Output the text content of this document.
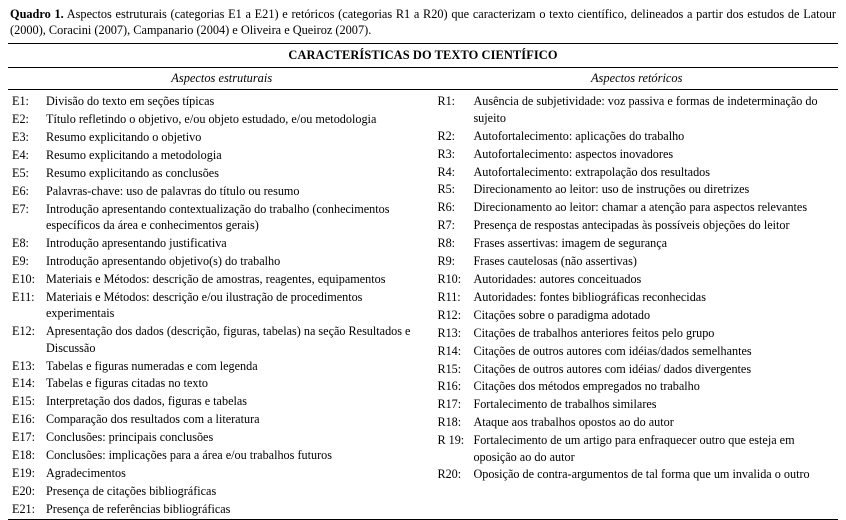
Quadro 1. Aspectos estruturais (categorias E1 a E21) e retóricos (categorias R1 a R20) que caracterizam o texto científico, delineados a partir dos estudos de Latour (2000), Coracini (2007), Campanario (2004) e Oliveira e Queiroz (2007).

CARACTERÍSTICAS DO TEXTO CIENTÍFICO
Aspectos estruturais	Aspectos retóricos
E1:	Divisão do texto em seções típicas
E2:	Título refletindo o objetivo, e/ou objeto estudado, e/ou metodologia
E3:	Resumo explicitando o objetivo
E4:	Resumo explicitando a metodologia
E5:	Resumo explicitando as conclusões
E6:	Palavras-chave: uso de palavras do título ou resumo
E7:	Introdução apresentando contextualização do trabalho (conhecimentos específicos da área e conhecimentos gerais)
E8:	Introdução apresentando justificativa
E9:	Introdução apresentando objetivo(s) do trabalho
E10: Materiais e Métodos: descrição de amostras, reagentes, equipamentos
E11: Materiais e Métodos: descrição e/ou ilustração de procedimentos experimentais
E12: Apresentação dos dados (descrição, figuras, tabelas) na seção Resultados e Discussão
E13: Tabelas e figuras numeradas e com legenda
E14: Tabelas e figuras citadas no texto
E15: Interpretação dos dados, figuras e tabelas
E16: Comparação dos resultados com a literatura
E17: Conclusões: principais conclusões
E18: Conclusões: implicações para a área e/ou trabalhos futuros
E19: Agradecimentos
E20: Presença de citações bibliográficas
E21: Presença de referências bibliográficas
R1:	Ausência de subjetividade: voz passiva e formas de indeterminação do sujeito
R2:	Autofortalecimento: aplicações do trabalho
R3:	Autofortalecimento: aspectos inovadores
R4:	Autofortalecimento: extrapolação dos resultados
R5:	Direcionamento ao leitor: uso de instruções ou diretrizes
R6:	Direcionamento ao leitor: chamar a atenção para aspectos relevantes
R7:	Presença de respostas antecipadas às possíveis objeções do leitor
R8:	Frases assertivas: imagem de segurança
R9:	Frases cautelosas (não assertivas)
R10:	Autoridades: autores conceituados
R11:	Autoridades: fontes bibliográficas reconhecidas
R12:	Citações sobre o paradigma adotado
R13:	Citações de trabalhos anteriores feitos pelo grupo
R14:	Citações de outros autores com idéias/dados semelhantes
R15:	Citações de outros autores com idéias/ dados divergentes
R16:	Citações dos métodos empregados no trabalho
R17:	Fortalecimento de trabalhos similares
R18:	Ataque aos trabalhos opostos ao do autor
R 19: Fortalecimento de um artigo para enfraquecer outro que esteja em oposição ao do autor
R20:	Oposição de contra-argumentos de tal forma que um invalida o outro
